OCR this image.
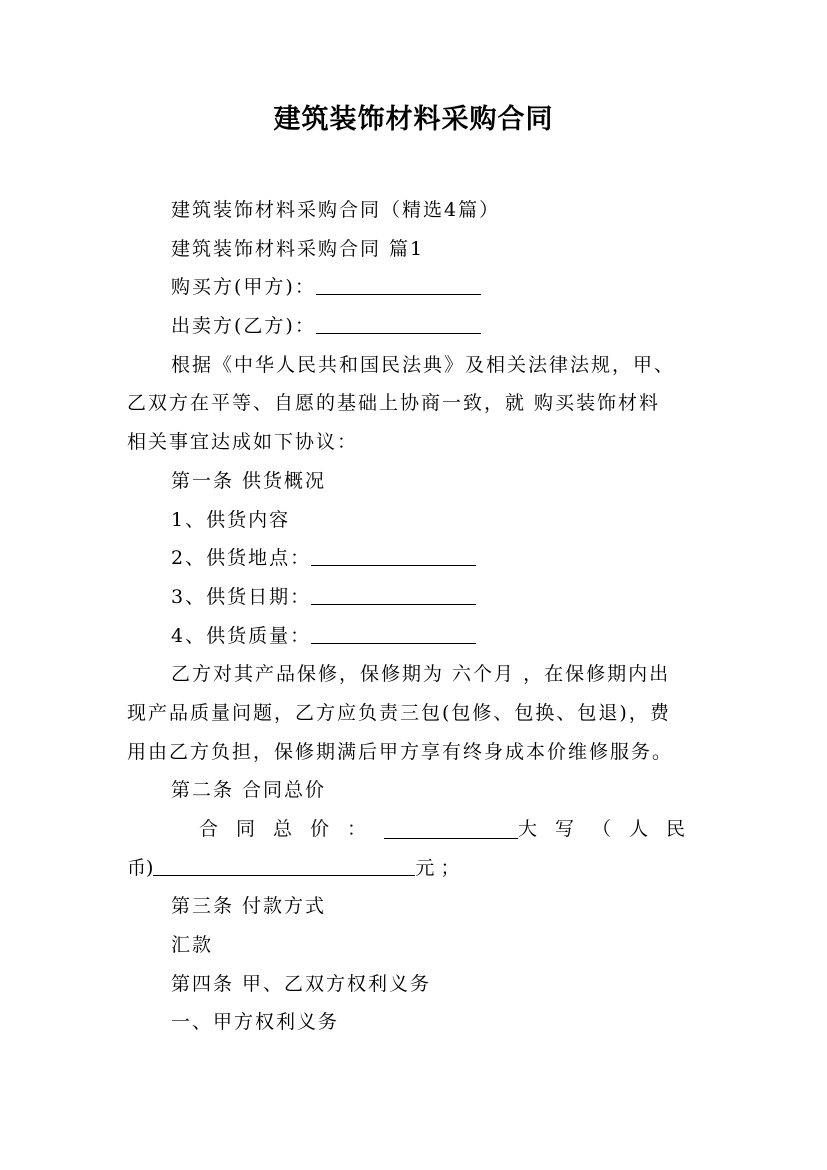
建筑装饰材料采购合同
建筑装饰材料采购合同（精选4篇）
建筑装饰材料采购合同 篇1
购买方(甲方)：
出卖方(乙方)：
根据《中华人民共和国民法典》及相关法律法规，甲、
乙双方在平等、自愿的基础上协商一致，就 购买装饰材料
相关事宜达成如下协议：
第一条 供货概况
1、供货内容
2、供货地点：
3、供货日期：
4、供货质量：
乙方对其产品保修，保修期为 六个月 ，在保修期内出
现产品质量问题，乙方应负责三包(包修、包换、包退)，费
用由乙方负担，保修期满后甲方享有终身成本价维修服务。
第二条 合同总价
合同总价：	大写（人民
币)	元 ；
第三条 付款方式
汇款
第四条 甲、乙双方权利义务
一、甲方权利义务
